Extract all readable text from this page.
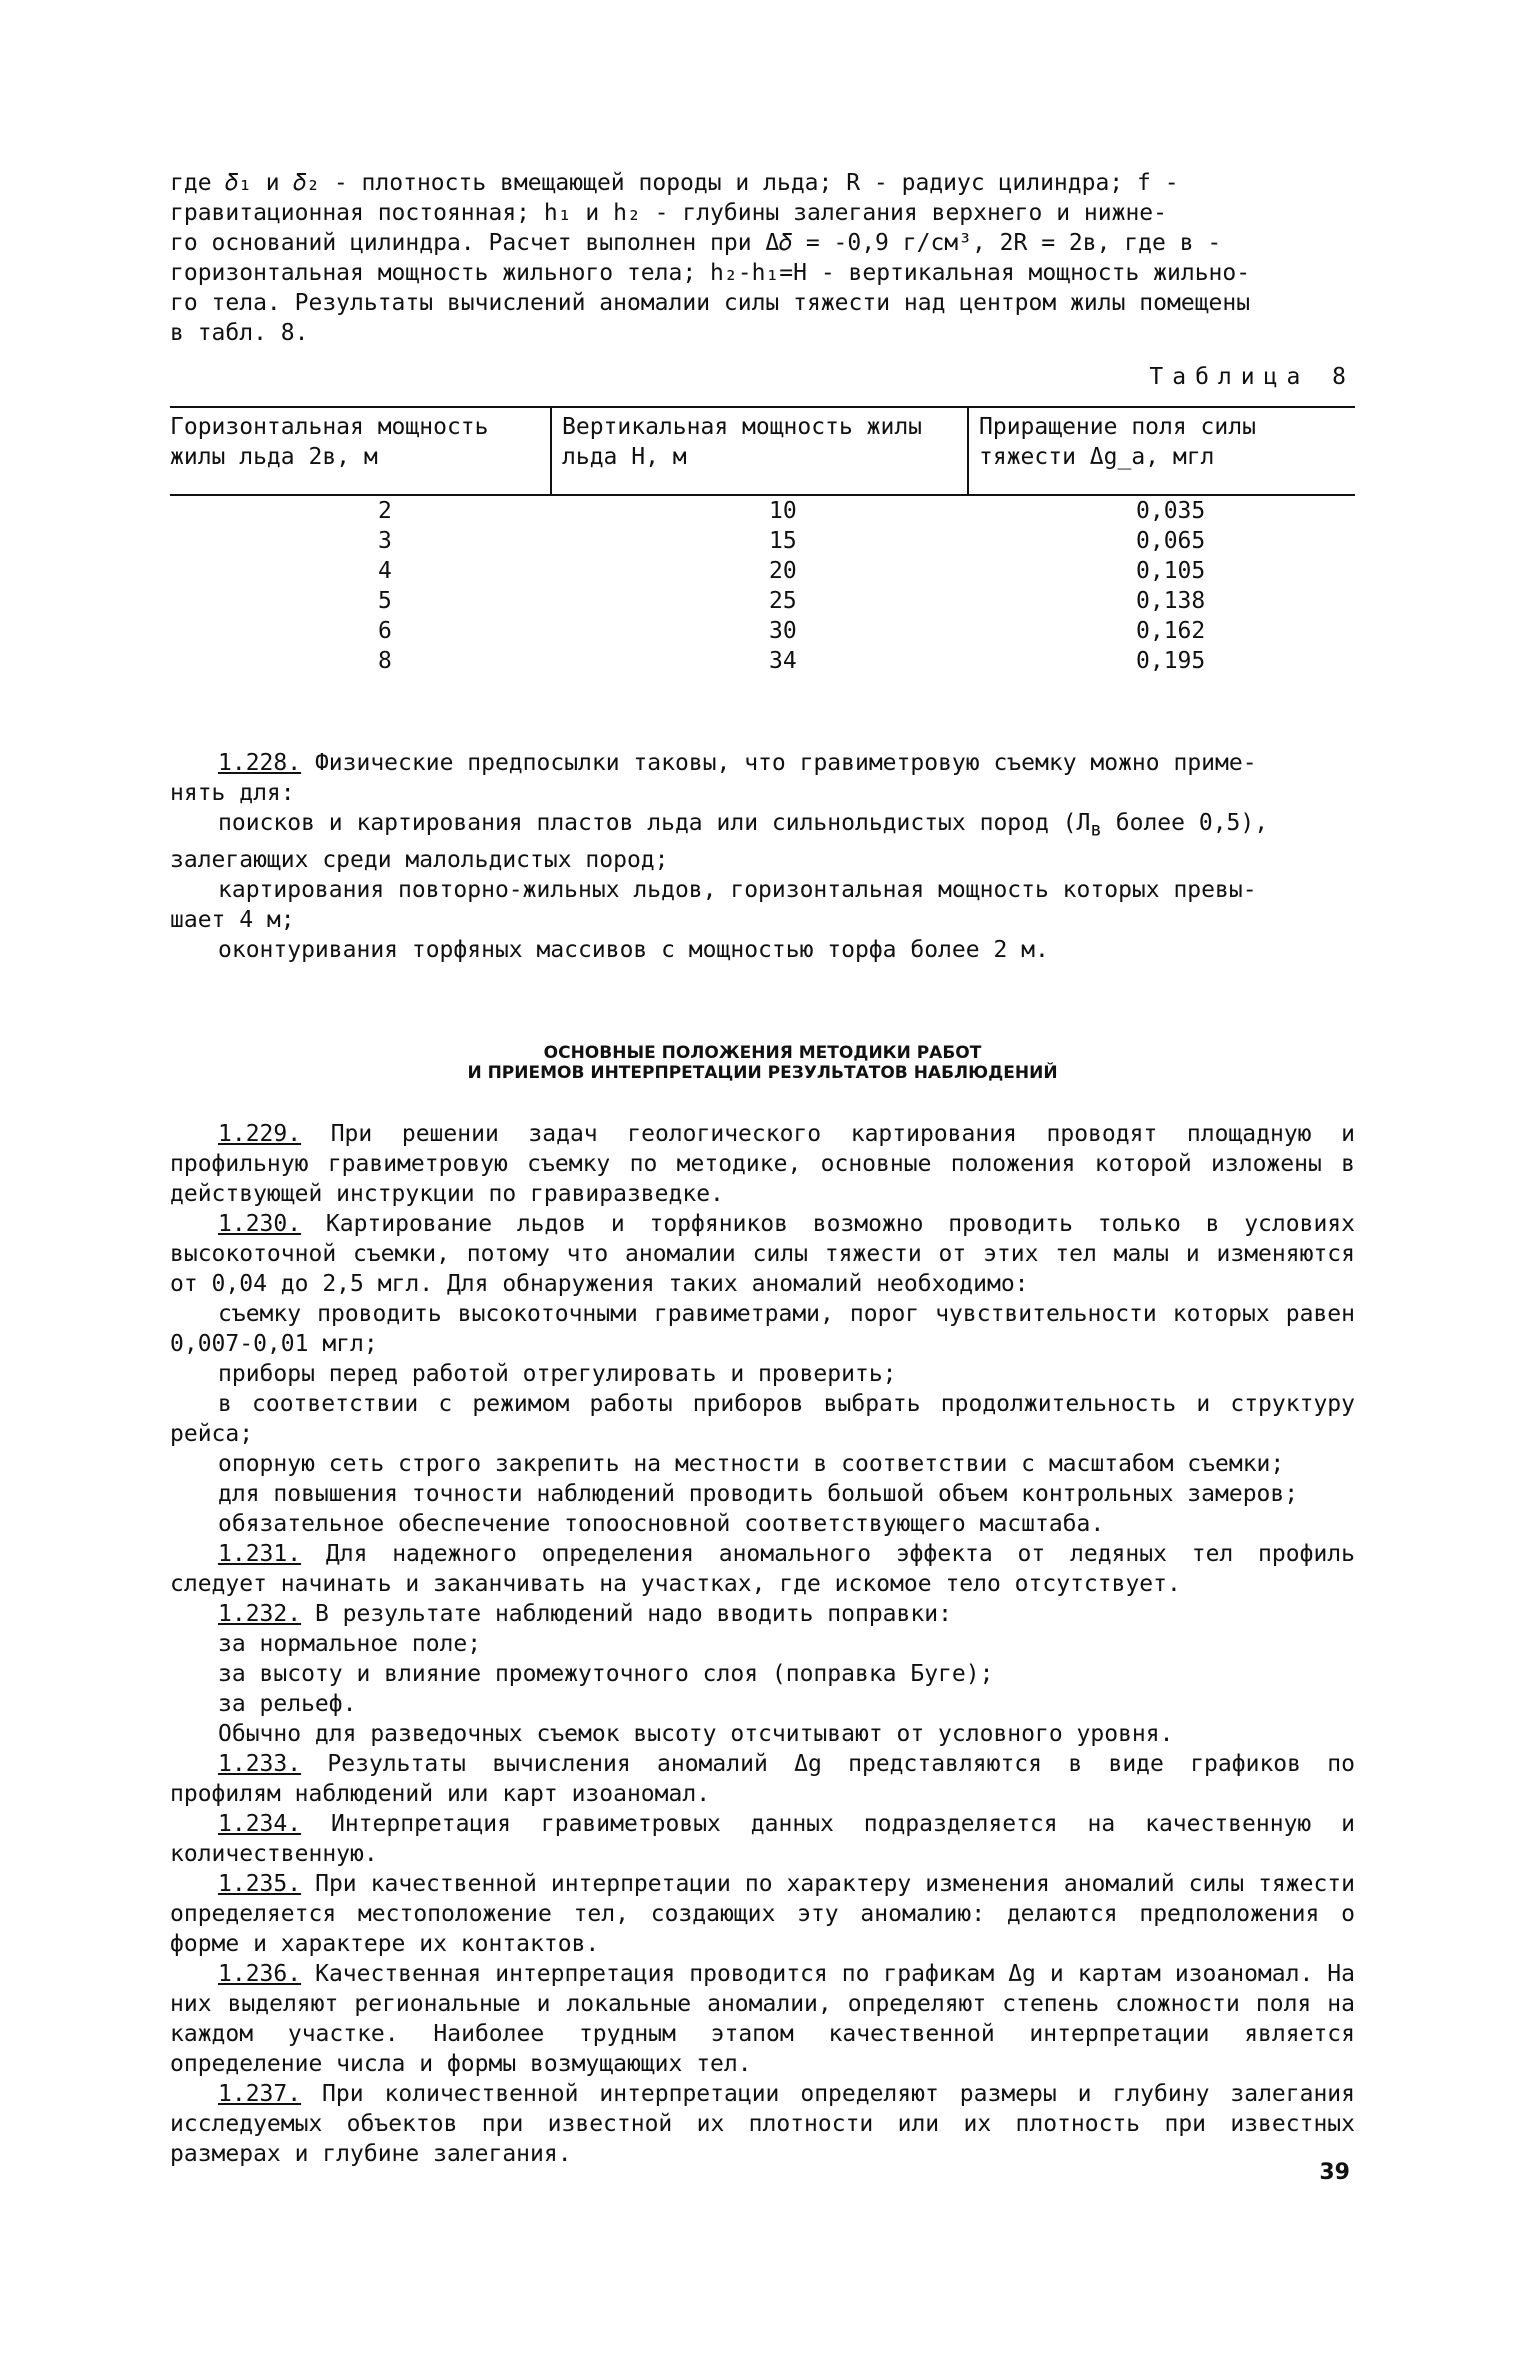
где 𝛿₁ и 𝛿₂ - плотность вмещающей породы и льда; R - радиус цилиндра; f -

гравитационная постоянная; h₁ и h₂ - глубины залегания верхнего и нижне-

го оснований цилиндра. Расчет выполнен при Δ𝛿 = -0,9 г/см³, 2R = 2в, где в -

горизонтальная мощность жильного тела; h₂-h₁=H - вертикальная мощность жильно-

го тела. Результаты вычислений аномалии силы тяжести над центром жилы помещены

в табл. 8.

Таблица 8

Горизонтальная мощность жилы льда 2в, м	Вертикальная мощность жилы льда Н, м	Приращение поля силы тяжести Δg_a, мгл
2	10	0,035
3	15	0,065
4	20	0,105
5	25	0,138
6	30	0,162
8	34	0,195

1.228. Физические предпосылки таковы, что гравиметровую съемку можно приме-

нять для:

поисков и картирования пластов льда или сильнольдистых пород ($Л_в$ более 0,5),

залегающих среди малольдистых пород;

картирования повторно-жильных льдов, горизонтальная мощность которых превы-

шает 4 м;

оконтуривания торфяных массивов с мощностью торфа более 2 м.

ОСНОВНЫЕ ПОЛОЖЕНИЯ МЕТОДИКИ РАБОТ
И ПРИЕМОВ ИНТЕРПРЕТАЦИИ РЕЗУЛЬТАТОВ НАБЛЮДЕНИЙ

1.229. При решении задач геологического картирования проводят площадную и профильную гравиметровую съемку по методике, основные положения которой изложены в действующей инструкции по гравиразведке.

1.230. Картирование льдов и торфяников возможно проводить только в условиях высокоточной съемки, потому что аномалии силы тяжести от этих тел малы и изменяются от 0,04 до 2,5 мгл. Для обнаружения таких аномалий необходимо:

съемку проводить высокоточными гравиметрами, порог чувствительности которых равен 0,007-0,01 мгл;

приборы перед работой отрегулировать и проверить;

в соответствии с режимом работы приборов выбрать продолжительность и структуру рейса;

опорную сеть строго закрепить на местности в соответствии с масштабом съемки;

для повышения точности наблюдений проводить большой объем контрольных замеров;

обязательное обеспечение топоосновной соответствующего масштаба.

1.231. Для надежного определения аномального эффекта от ледяных тел профиль следует начинать и заканчивать на участках, где искомое тело отсутствует.

1.232. В результате наблюдений надо вводить поправки:

за нормальное поле;

за высоту и влияние промежуточного слоя (поправка Буге);

за рельеф.

Обычно для разведочных съемок высоту отсчитывают от условного уровня.

1.233. Результаты вычисления аномалий Δg представляются в виде графиков по профилям наблюдений или карт изоаномал.

1.234. Интерпретация гравиметровых данных подразделяется на качественную и количественную.

1.235. При качественной интерпретации по характеру изменения аномалий силы тяжести определяется местоположение тел, создающих эту аномалию: делаются предположения о форме и характере их контактов.

1.236. Качественная интерпретация проводится по графикам Δg и картам изоаномал. На них выделяют региональные и локальные аномалии, определяют степень сложности поля на каждом участке. Наиболее трудным этапом качественной интерпретации является определение числа и формы возмущающих тел.

1.237. При количественной интерпретации определяют размеры и глубину залегания исследуемых объектов при известной их плотности или их плотность при известных размерах и глубине залегания.

39
